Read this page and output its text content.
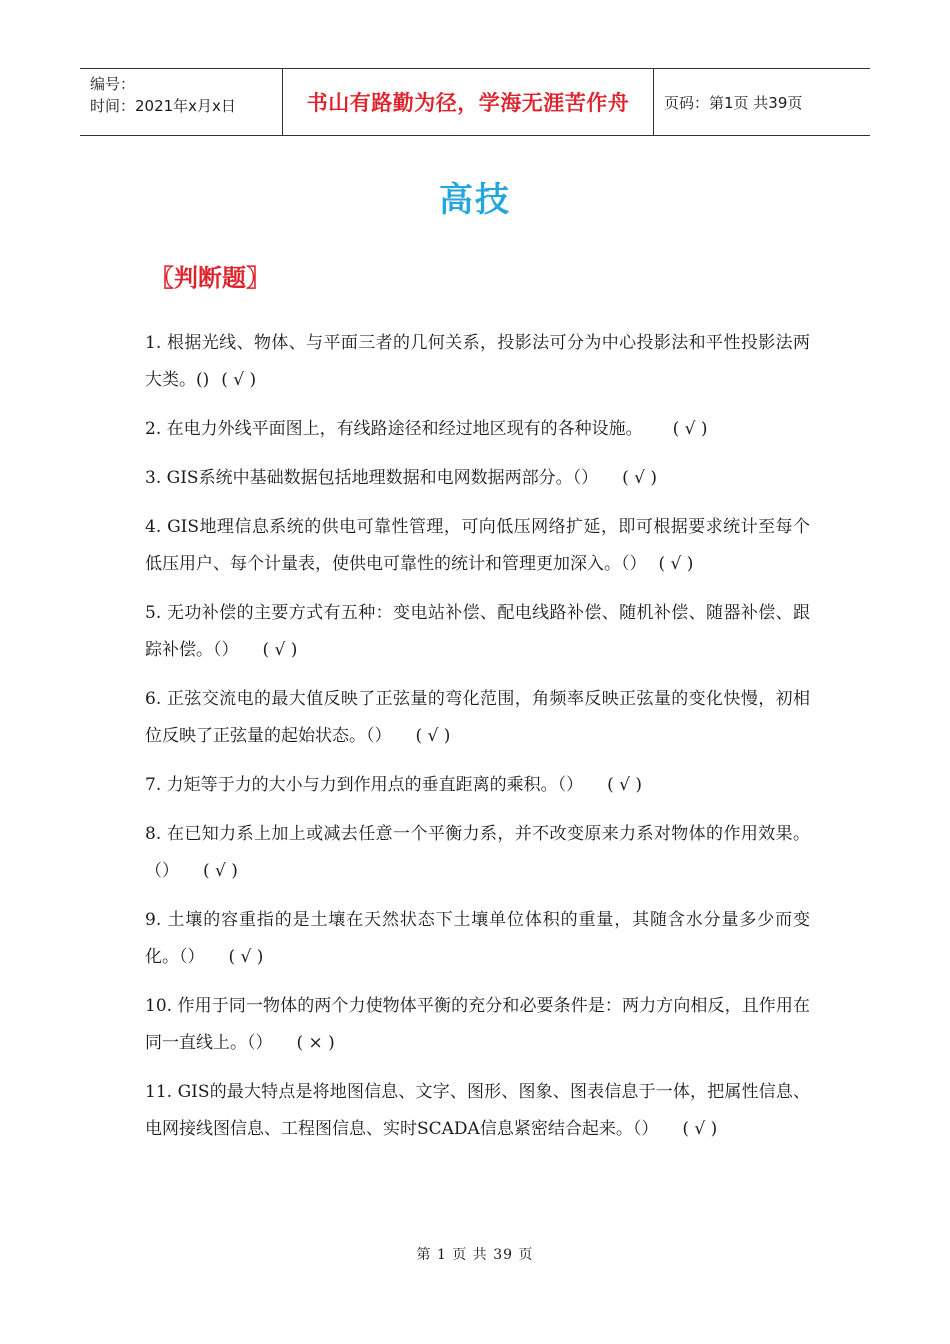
编号：
时间：2021年x月x日	书山有路勤为径，学海无涯苦作舟	页码：第1页 共39页
高技
〖判断题〗
1. 根据光线、物体、与平面三者的几何关系，投影法可分为中心投影法和平性投影法两大类。() ( √ )
2. 在电力外线平面图上，有线路途径和经过地区现有的各种设施。 ( √ )
3. GIS系统中基础数据包括地理数据和电网数据两部分。（） ( √ )
4. GIS地理信息系统的供电可靠性管理，可向低压网络扩延，即可根据要求统计至每个低压用户、每个计量表，使供电可靠性的统计和管理更加深入。（） ( √ )
5. 无功补偿的主要方式有五种：变电站补偿、配电线路补偿、随机补偿、随器补偿、跟踪补偿。（） ( √ )
6. 正弦交流电的最大值反映了正弦量的弯化范围，角频率反映正弦量的变化快慢，初相位反映了正弦量的起始状态。（） ( √ )
7. 力矩等于力的大小与力到作用点的垂直距离的乘积。（） ( √ )
8. 在已知力系上加上或减去任意一个平衡力系，并不改变原来力系对物体的作用效果。（） ( √ )
9. 土壤的容重指的是土壤在天然状态下土壤单位体积的重量，其随含水分量多少而变化。（） ( √ )
10. 作用于同一物体的两个力使物体平衡的充分和必要条件是：两力方向相反，且作用在同一直线上。（） ( × )
11. GIS的最大特点是将地图信息、文字、图形、图象、图表信息于一体，把属性信息、电网接线图信息、工程图信息、实时SCADA信息紧密结合起来。（） ( √ )
第 1 页 共 39 页
